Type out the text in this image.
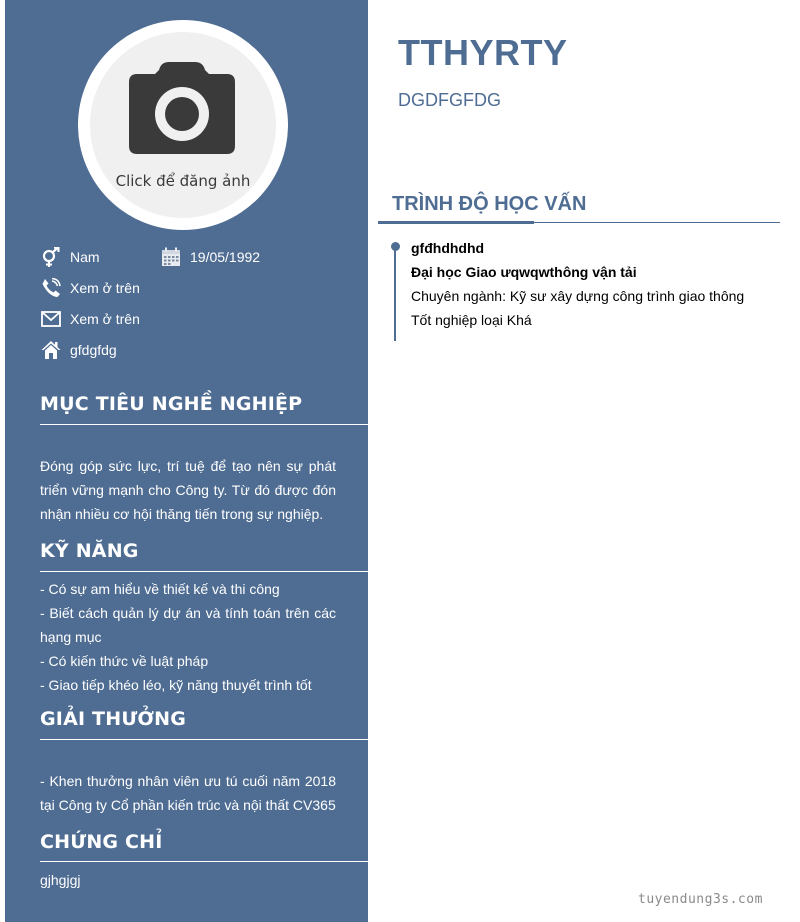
Click để đăng ảnh
Nam	19/05/1992
Xem ở trên
Xem ở trên
gfdgfdg
MỤC TIÊU NGHỀ NGHIỆP
Đóng góp sức lực, trí tuệ để tạo nên sự phát triển vững mạnh cho Công ty. Từ đó được đón nhận nhiều cơ hội thăng tiến trong sự nghiệp.
KỸ NĂNG

- Có sự am hiểu về thiết kế và thi công

- Biết cách quản lý dự án và tính toán trên các hạng mục

- Có kiến thức về luật pháp

- Giao tiếp khéo léo, kỹ năng thuyết trình tốt

GIẢI THƯỞNG
- Khen thưởng nhân viên ưu tú cuối năm 2018 tại Công ty Cổ phần kiến trúc và nội thất CV365
CHỨNG CHỈ
gjhgjgj
TTHYRTY
DGDFGFDG
TRÌNH ĐỘ HỌC VẤN
gfđhdhdhd
Đại học Giao ưqwqwthông vận tải
Chuyên ngành: Kỹ sư xây dựng công trình giao thông
Tốt nghiệp loại Khá
tuyendung3s.com
